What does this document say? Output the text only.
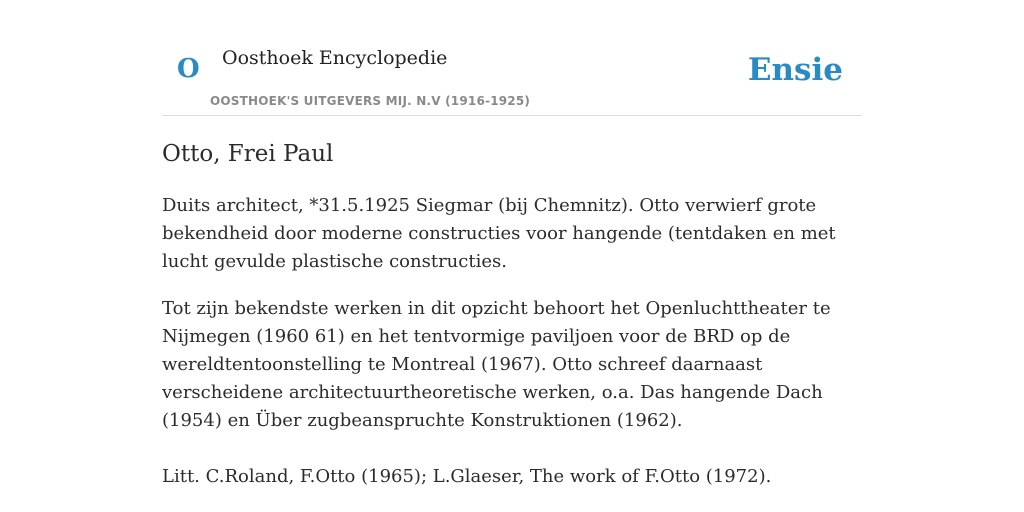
O Oosthoek Encyclopedie	Ensie
OOSTHOEK'S UITGEVERS MIJ. N.V (1916-1925)
Otto, Frei Paul

Duits architect, *31.5.1925 Siegmar (bij Chemnitz). Otto verwierf grote bekendheid door moderne constructies voor hangende (tentdaken en met lucht gevulde plastische constructies.

Tot zijn bekendste werken in dit opzicht behoort het Openluchttheater te Nijmegen (1960 61) en het tentvormige paviljoen voor de BRD op de wereldtentoonstelling te Montreal (1967). Otto schreef daarnaast verscheidene architectuurtheoretische werken, o.a. Das hangende Dach (1954) en Über zugbeanspruchte Konstruktionen (1962).

Litt. C.Roland, F.Otto (1965); L.Glaeser, The work of F.Otto (1972).
